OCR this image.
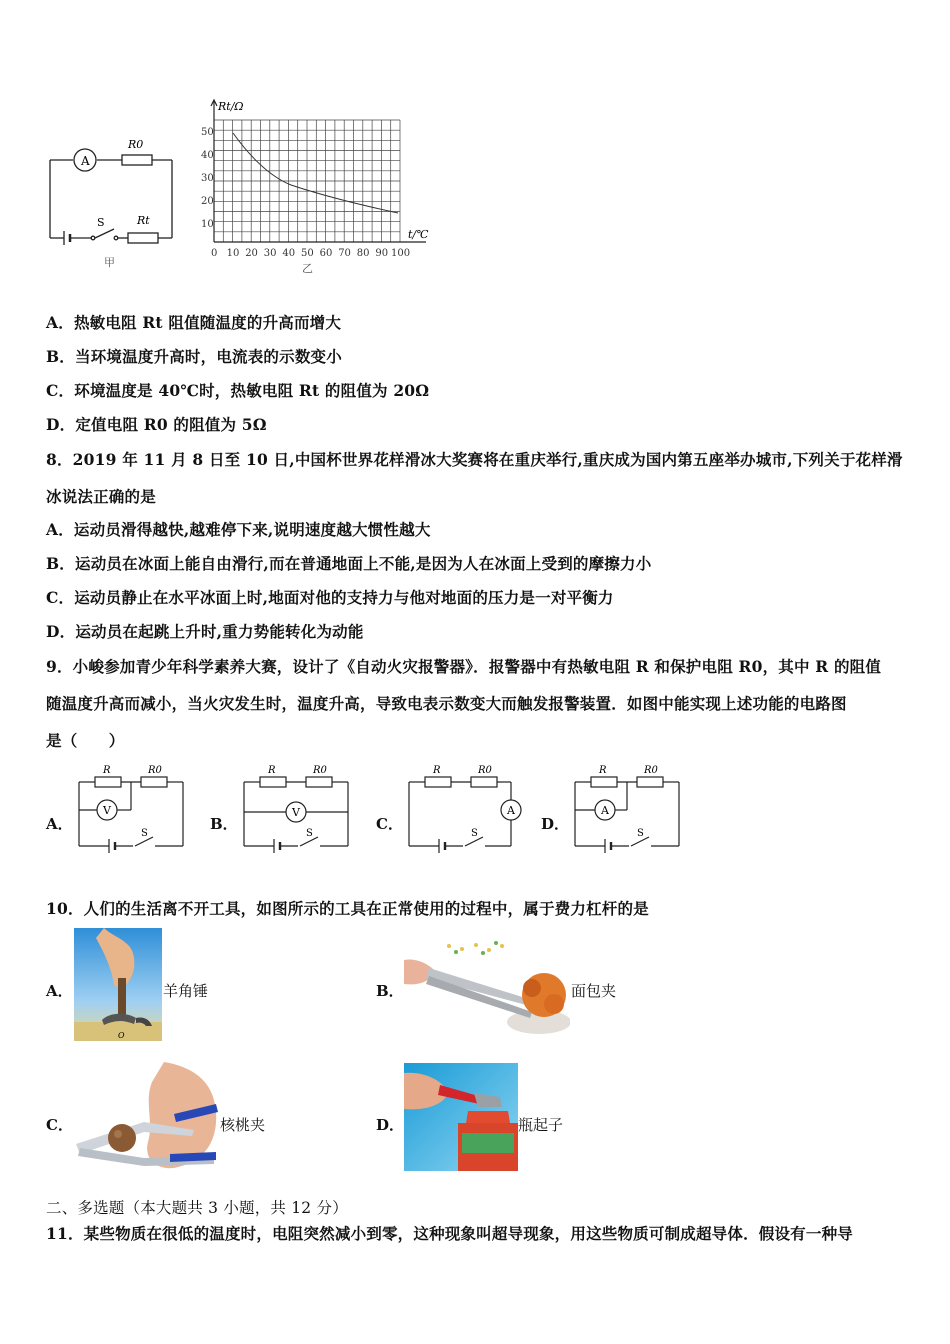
A
R0
Rt
S
甲
Rt/Ω
t/℃
50
40
30
20
10
0 10 20 30 40 50 60 70 80 90 100
乙
A．热敏电阻 Rt 阻值随温度的升高而增大
B．当环境温度升高时，电流表的示数变小
C．环境温度是 40℃时，热敏电阻 Rt 的阻值为 20Ω
D．定值电阻 R0 的阻值为 5Ω
8．2019 年 11 月 8 日至 10 日,中国杯世界花样滑冰大奖赛将在重庆举行,重庆成为国内第五座举办城市,下列关于花样滑
冰说法正确的是
A．运动员滑得越快,越难停下来,说明速度越大惯性越大
B．运动员在冰面上能自由滑行,而在普通地面上不能,是因为人在冰面上受到的摩擦力小
C．运动员静止在水平冰面上时,地面对他的支持力与他对地面的压力是一对平衡力
D．运动员在起跳上升时,重力势能转化为动能
9．小峻参加青少年科学素养大赛，设计了《自动火灾报警器》．报警器中有热敏电阻 R 和保护电阻 R0，其中 R 的阻值
随温度升高而减小，当火灾发生时，温度升高，导致电表示数变大而触发报警装置．如图中能实现上述功能的电路图
是（　　）
A．	B．	C．	D．
V
R	R0
S
V
R	R0
S
A
R	R0
S
A
R	R0
S
10．人们的生活离不开工具，如图所示的工具在正常使用的过程中，属于费力杠杆的是
A．
O
羊角锤	B．	面包夹
C．	核桃夹	D．	瓶起子
二、多选题（本大题共 3 小题，共 12 分）
11．某些物质在很低的温度时，电阻突然减小到零，这种现象叫超导现象，用这些物质可制成超导体．假设有一种导
